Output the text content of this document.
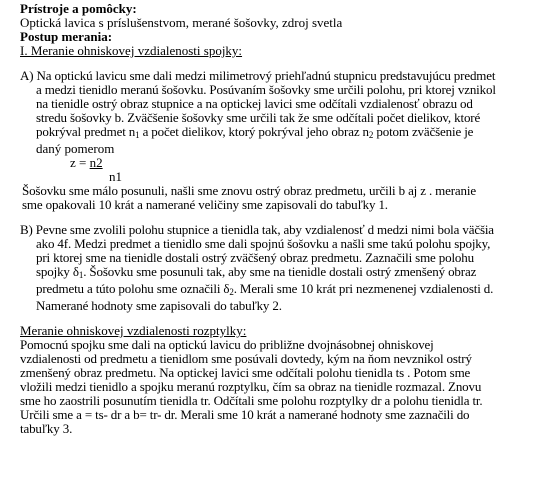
Prístroje a pomôcky:
Optická lavica s príslušenstvom, merané šošovky, zdroj svetla
Postup merania:
I. Meranie ohniskovej vzdialenosti spojky:
A) Na optickú lavicu sme dali medzi milimetrový priehľadnú stupnicu predstavujúcu predmet
a medzi tienidlo meranú šošovku. Posúvaním šošovky sme určili polohu, pri ktorej vznikol
na tienidle ostrý obraz stupnice a na optickej lavici sme odčítali vzdialenosť obrazu od
stredu šošovky b. Zväčšenie šošovky sme určili tak že sme odčítali počet dielikov, ktoré
pokrýval predmet $n_1$ a počet dielikov, ktorý pokrýval jeho obraz $n_2$ potom zväčšenie je
daný pomerom
z = n2
n1
Šošovku sme málo posunuli, našli sme znovu ostrý obraz predmetu, určili b aj z . meranie
sme opakovali 10 krát a namerané veličiny sme zapisovali do tabuľky 1.
B) Pevne sme zvolili polohu stupnice a tienidla tak, aby vzdialenosť d medzi nimi bola väčšia
ako 4f. Medzi predmet a tienidlo sme dali spojnú šošovku a našli sme takú polohu spojky,
pri ktorej sme na tienidle dostali ostrý zväčšený obraz predmetu. Zaznačili sme polohu
spojky $\delta_1$. Šošovku sme posunuli tak, aby sme na tienidle dostali ostrý zmenšený obraz
predmetu a túto polohu sme označili $\delta_2$. Merali sme 10 krát pri nezmenenej vzdialenosti d.
Namerané hodnoty sme zapisovali do tabuľky 2.
Meranie ohniskovej vzdialenosti rozptylky:
Pomocnú spojku sme dali na optickú lavicu do približne dvojnásobnej ohniskovej
vzdialenosti od predmetu a tienidlom sme posúvali dovtedy, kým na ňom nevznikol ostrý
zmenšený obraz predmetu. Na optickej lavici sme odčítali polohu tienidla ts . Potom sme
vložili medzi tienidlo a spojku meranú rozptylku, čím sa obraz na tienidle rozmazal. Znovu
sme ho zaostrili posunutím tienidla tr. Odčítali sme polohu rozptylky dr a polohu tienidla tr.
Určili sme a = ts- dr a b= tr- dr. Merali sme 10 krát a namerané hodnoty sme zaznačili do
tabuľky 3.
